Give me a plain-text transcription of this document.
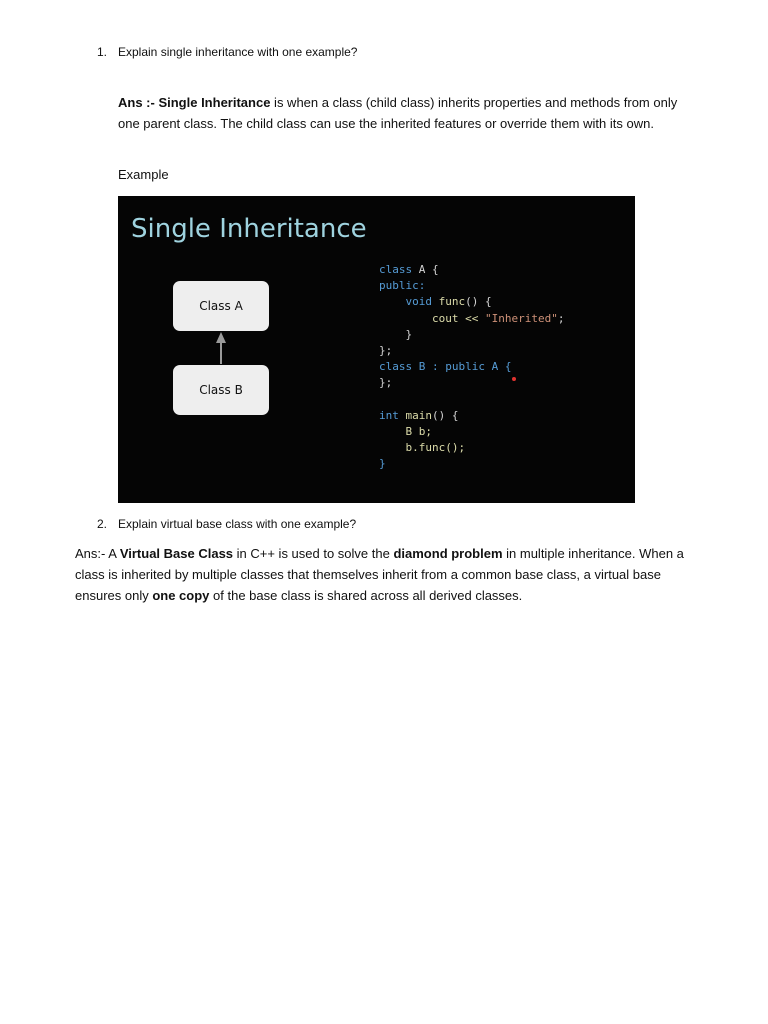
1. Explain single inheritance with one example?
Ans :- Single Inheritance is when a class (child class) inherits properties and methods from only one parent class. The child class can use the inherited features or override them with its own.
Example
Single Inheritance
Class A
Class B
class A {
public:
void func() {
cout << "Inherited";
}
};
class B : public A {
};

int main() {
B b;
b.func();
}
2. Explain virtual base class with one example?
Ans:- A Virtual Base Class in C++ is used to solve the diamond problem in multiple inheritance. When a class is inherited by multiple classes that themselves inherit from a common base class, a virtual base ensures only one copy of the base class is shared across all derived classes.
